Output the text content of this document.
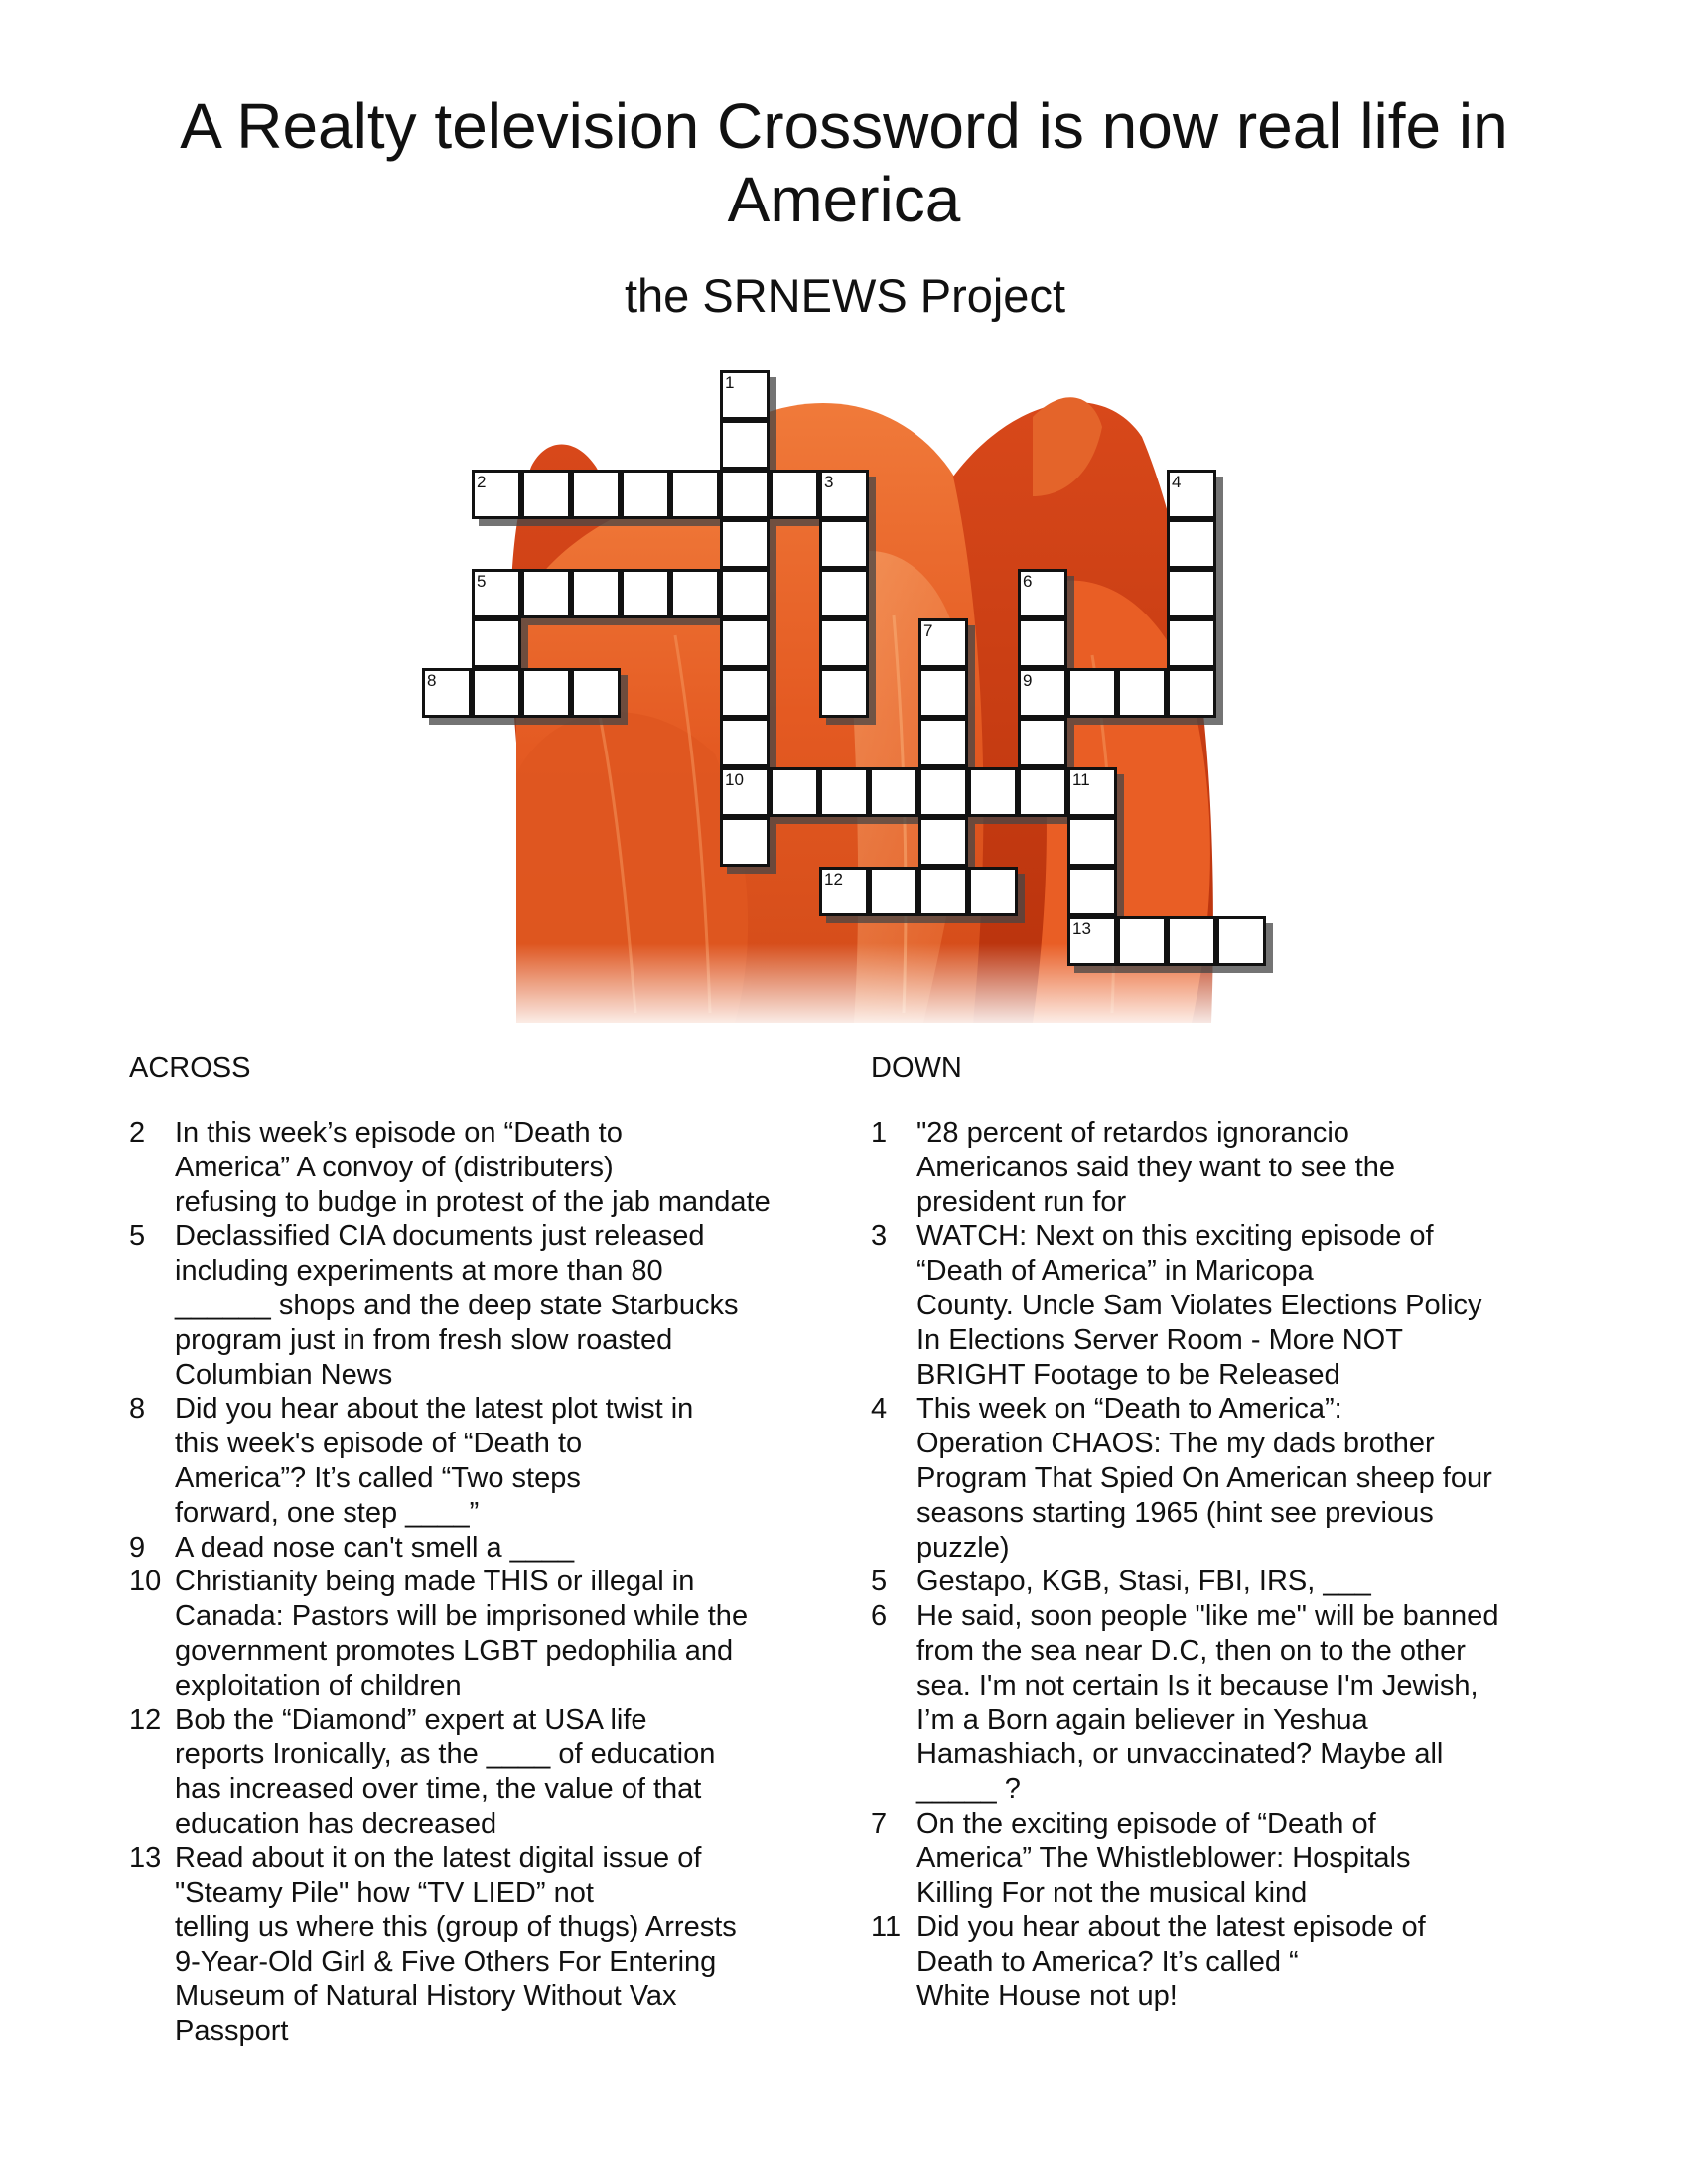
A Realty television Crossword is now real life in America
the SRNEWS Project
1
2	3	4
5	6
7
8	9
10	11
12
13
ACROSS	DOWN
2 In this week’s episode on “Death to
America” A convoy of (distributers)
refusing to budge in protest of the jab mandate
5 Declassified CIA documents just released
including experiments at more than 80
______ shops and the deep state Starbucks
program just in from fresh slow roasted
Columbian News
8 Did you hear about the latest plot twist in
this week's episode of “Death to
America”? It’s called “Two steps
forward, one step ____”
9 A dead nose can't smell a ____
10 Christianity being made THIS or illegal in
Canada: Pastors will be imprisoned while the
government promotes LGBT pedophilia and
exploitation of children
12 Bob the “Diamond” expert at USA life
reports Ironically, as the ____ of education
has increased over time, the value of that
education has decreased
13 Read about it on the latest digital issue of
"Steamy Pile" how “TV LIED” not
telling us where this (group of thugs) Arrests
9-Year-Old Girl & Five Others For Entering
Museum of Natural History Without Vax
Passport
1 "28 percent of retardos ignorancio
Americanos said they want to see the
president run for
3 WATCH: Next on this exciting episode of
“Death of America” in Maricopa
County. Uncle Sam Violates Elections Policy
In Elections Server Room - More NOT
BRIGHT Footage to be Released
4 This week on “Death to America”:
Operation CHAOS: The my dads brother
Program That Spied On American sheep four
seasons starting 1965 (hint see previous
puzzle)
5 Gestapo, KGB, Stasi, FBI, IRS, ___
6 He said, soon people "like me" will be banned
from the sea near D.C, then on to the other
sea. I'm not certain Is it because I'm Jewish,
I’m a Born again believer in Yeshua
Hamashiach, or unvaccinated? Maybe all
_____ ?
7 On the exciting episode of “Death of
America” The Whistleblower: Hospitals
Killing For not the musical kind
11 Did you hear about the latest episode of
Death to America? It’s called “
White House not up!
